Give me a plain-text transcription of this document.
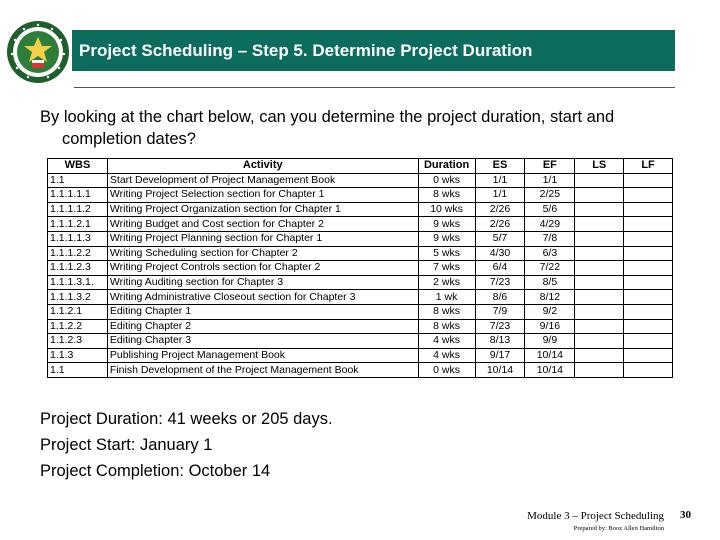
Project Scheduling – Step 5. Determine Project Duration
By looking at the chart below, can you determine the project duration, start and
completion dates?
WBS	Activity	Duration	ES	EF	LS	LF
1.1	Start Development of Project Management Book	0 wks	1/1	1/1		
1.1.1.1.1	Writing Project Selection section for Chapter 1	8 wks	1/1	2/25		
1.1.1.1.2	Writing Project Organization section for Chapter 1	10 wks	2/26	5/6		
1.1.1.2.1	Writing Budget and Cost section for Chapter 2	9 wks	2/26	4/29		
1.1.1.1.3	Writing Project Planning section for Chapter 1	9 wks	5/7	7/8		
1.1.1.2.2	Writing Scheduling section for Chapter 2	5 wks	4/30	6/3		
1.1.1.2.3	Writing Project Controls section for Chapter 2	7 wks	6/4	7/22		
1.1.1.3.1.	Writing Auditing section for Chapter 3	2 wks	7/23	8/5		
1.1.1.3.2	Writing Administrative Closeout section for Chapter 3	1 wk	8/6	8/12		
1.1.2.1	Editing Chapter 1	8 wks	7/9	9/2		
1.1.2.2	Editing Chapter 2	8 wks	7/23	9/16		
1.1.2.3	Editing Chapter 3	4 wks	8/13	9/9		
1.1.3	Publishing Project Management Book	4 wks	9/17	10/14		
1.1	Finish Development of the Project Management Book	0 wks	10/14	10/14		
Project Duration: 41 weeks or 205 days.
Project Start: January 1
Project Completion: October 14
Module 3 – Project Scheduling
Prepared by: Booz Allen Hamilton
30
